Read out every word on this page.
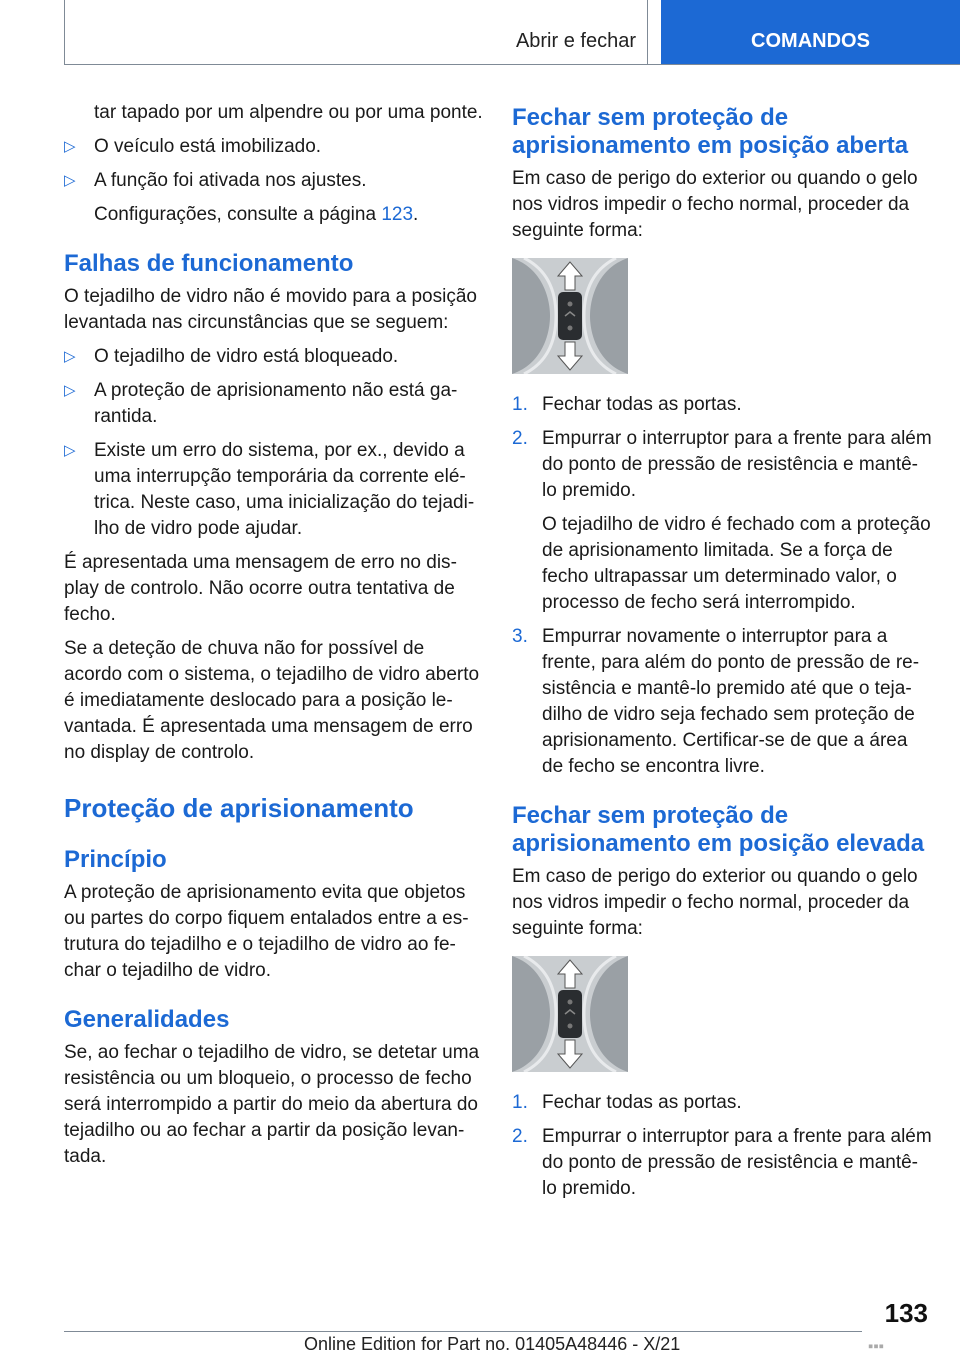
Abrir e fechar	COMANDOS

tar tapado por um alpendre ou por uma ponte.

▷ O veículo está imobilizado.
▷ A função foi ativada nos ajustes.

Configurações, consulte a página 123.

Falhas de funcionamento

O tejadilho de vidro não é movido para a posição levantada nas circunstâncias que se seguem:

▷ O tejadilho de vidro está bloqueado.
▷ A proteção de aprisionamento não está garantida.
▷ Existe um erro do sistema, por ex., devido a uma interrupção temporária da corrente elétrica. Neste caso, uma inicialização do tejadilho de vidro pode ajudar.

É apresentada uma mensagem de erro no display de controlo. Não ocorre outra tentativa de fecho.

Se a deteção de chuva não for possível de acordo com o sistema, o tejadilho de vidro aberto é imediatamente deslocado para a posição levantada. É apresentada uma mensagem de erro no display de controlo.

Proteção de aprisionamento
Princípio

A proteção de aprisionamento evita que objetos ou partes do corpo fiquem entalados entre a estrutura do tejadilho e o tejadilho de vidro ao fechar o tejadilho de vidro.

Generalidades

Se, ao fechar o tejadilho de vidro, se detetar uma resistência ou um bloqueio, o processo de fecho será interrompido a partir do meio da abertura do tejadilho ou ao fechar a partir da posição levantada.

Fechar sem proteção de aprisionamento em posição aberta

Em caso de perigo do exterior ou quando o gelo nos vidros impedir o fecho normal, proceder da seguinte forma:

1. Fechar todas as portas.
2. Empurrar o interruptor para a frente para além do ponto de pressão de resistência e mantê-lo premido.

O tejadilho de vidro é fechado com a proteção de aprisionamento limitada. Se a força de fecho ultrapassar um determinado valor, o processo de fecho será interrompido.

3. Empurrar novamente o interruptor para a frente, para além do ponto de pressão de resistência e mantê-lo premido até que o tejadilho de vidro seja fechado sem proteção de aprisionamento. Certificar-se de que a área de fecho se encontra livre.
Fechar sem proteção de aprisionamento em posição elevada

Em caso de perigo do exterior ou quando o gelo nos vidros impedir o fecho normal, proceder da seguinte forma:

1. Fechar todas as portas.
2. Empurrar o interruptor para a frente para além do ponto de pressão de resistência e mantê-lo premido.
133
Online Edition for Part no. 01405A48446 - X/21	▪▪▪
